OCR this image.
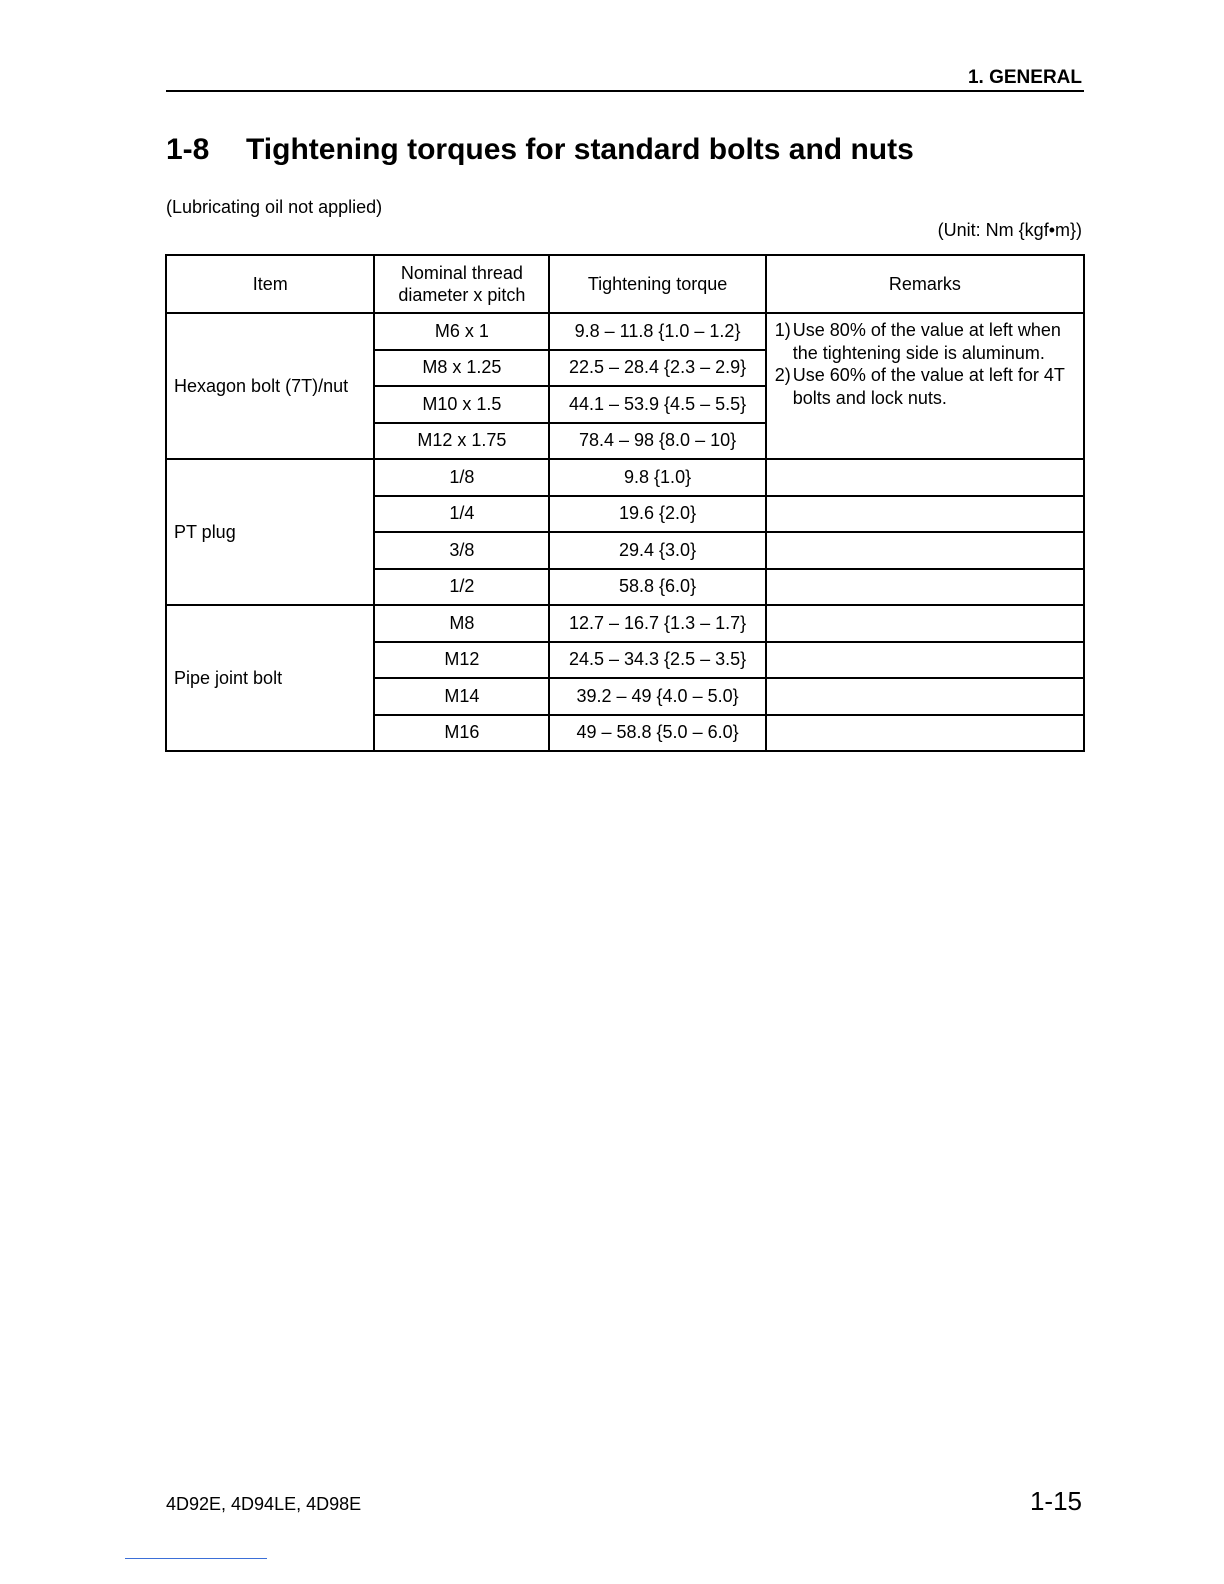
1. GENERAL
1-8 Tightening torques for standard bolts and nuts
(Lubricating oil not applied)
(Unit: Nm {kgf•m})
Item	Nominal thread diameter x pitch	Tightening torque	Remarks
Hexagon bolt (7T)/nut	M6 x 1	9.8 – 11.8 {1.0 – 1.2}	1) Use 80% of the value at left when the tightening side is aluminum.
2) Use 60% of the value at left for 4T bolts and lock nuts.

	M8 x 1.25	22.5 – 28.4 {2.3 – 2.9}	
	M10 x 1.5	44.1 – 53.9 {4.5 – 5.5}	
	M12 x 1.75	78.4 – 98 {8.0 – 10}	
PT plug	1/8	9.8 {1.0}	
	1/4	19.6 {2.0}	
	3/8	29.4 {3.0}	
	1/2	58.8 {6.0}	
Pipe joint bolt	M8	12.7 – 16.7 {1.3 – 1.7}	
	M12	24.5 – 34.3 {2.5 – 3.5}	
	M14	39.2 – 49 {4.0 – 5.0}	
	M16	49 – 58.8 {5.0 – 6.0}	
4D92E, 4D94LE, 4D98E	1-15
